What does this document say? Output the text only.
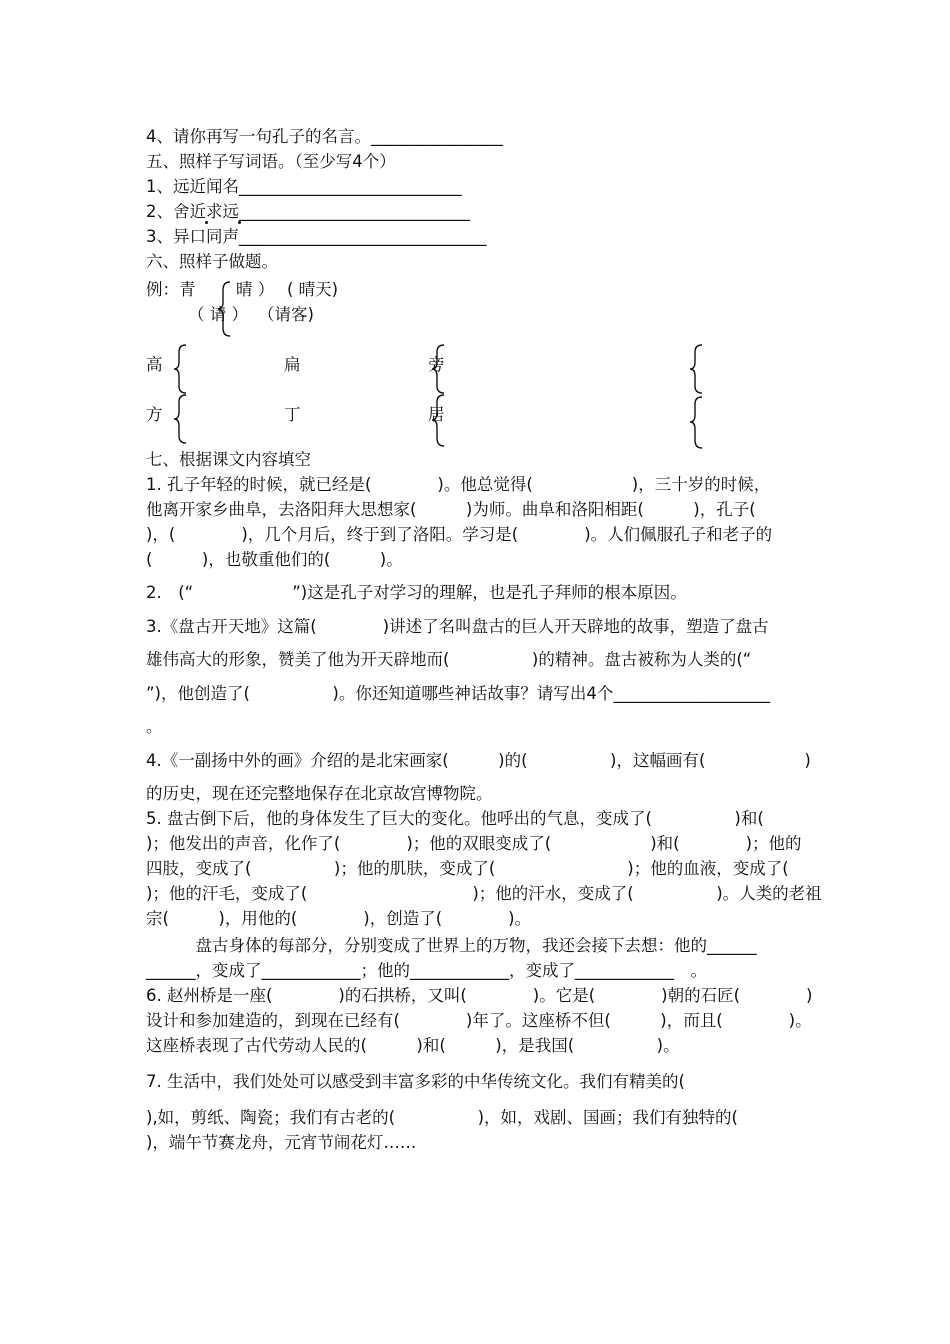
4、请你再写一句孔子的名言。________________

五、照样子写词语。（至少写4个）

1、远近闻名___________________________

2、舍近求远____________________________

3、异口同声______________________________

六、照样子做题。

例：青 晴 ） ( 晴天)
（ 请 ） （请客)
高	扁	旁
方	丁	居

七、根据课文内容填空

1. 孔子年轻的时候，就已经是(　　　　)。他总觉得(　　　　　　)，三十岁的时候，

他离开家乡曲阜，去洛阳拜大思想家(　　　)为师。曲阜和洛阳相距(　　　)，孔子(

)，(　　　　)，几个月后，终于到了洛阳。学习是(　　　　)。人们佩服孔子和老子的

(　　　)，也敬重他们的(　　　)。

2.　(“　　　　　　”)这是孔子对学习的理解，也是孔子拜师的根本原因。

3.《盘古开天地》这篇(　　　　)讲述了名叫盘古的巨人开天辟地的故事，塑造了盘古

雄伟高大的形象，赞美了他为开天辟地而(　　　　　)的精神。盘古被称为人类的(“

”)，他创造了(　　　　　)。你还知道哪些神话故事？请写出4个___________________

。

4.《一副扬中外的画》介绍的是北宋画家(　　　)的(　　　　　)，这幅画有(　　　　　　)

的历史，现在还完整地保存在北京故宫博物院。

5. 盘古倒下后，他的身体发生了巨大的变化。他呼出的气息，变成了(　　　　　)和(

)；他发出的声音，化作了(　　　　)；他的双眼变成了(　　　　　　)和(　　　　)；他的

四肢，变成了(　　　　　)；他的肌肤，变成了(　　　　　　　　)；他的血液，变成了(

)；他的汗毛，变成了(　　　　　　　　　　)；他的汗水，变成了(　　　　　)。人类的老祖

宗(　　　)，用他的(　　　　)，创造了(　　　　)。

　　　盘古身体的每部分，分别变成了世界上的万物，我还会接下去想：他的______

______，变成了____________；他的____________，变成了____________　。

6. 赵州桥是一座(　　　　)的石拱桥，又叫(　　　　)。它是(　　　　)朝的石匠(　　　　)

设计和参加建造的，到现在已经有(　　　　)年了。这座桥不但(　　　)，而且(　　　　)。

这座桥表现了古代劳动人民的(　　　)和(　　　)，是我国(　　　　　)。

7. 生活中，我们处处可以感受到丰富多彩的中华传统文化。我们有精美的(

),如，剪纸、陶瓷；我们有古老的(　　　　　)，如，戏剧、国画；我们有独特的(

)，端午节赛龙舟，元宵节闹花灯……
